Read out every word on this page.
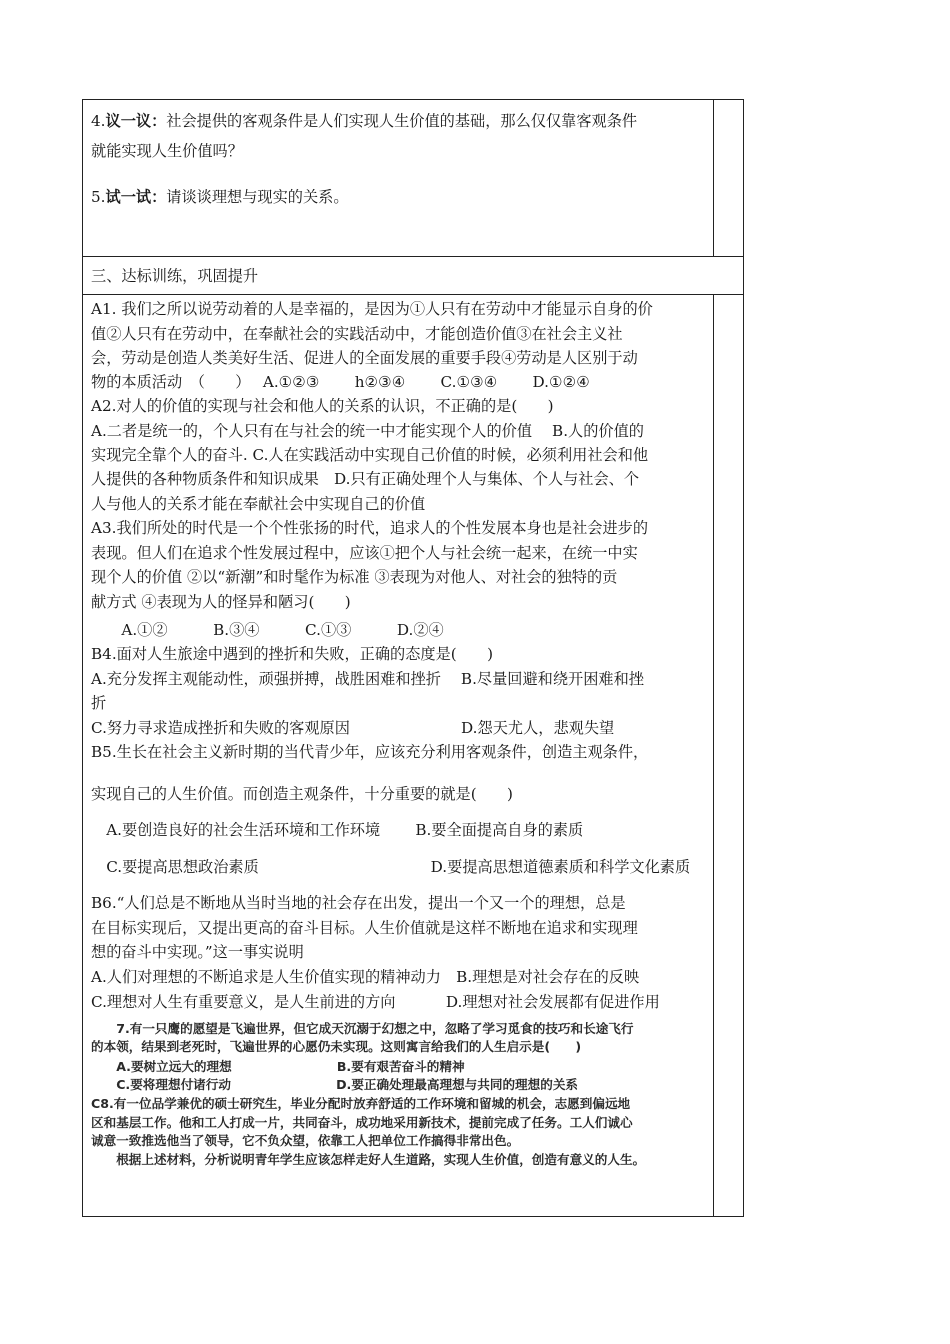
4.议一议：社会提供的客观条件是人们实现人生价值的基础，那么仅仅靠客观条件
就能实现人生价值吗？
5.试一试：请谈谈理想与现实的关系。
三、达标训练，巩固提升
A1. 我们之所以说劳动着的人是幸福的，是因为①人只有在劳动中才能显示自身的价
值②人只有在劳动中，在奉献社会的实践活动中，才能创造价值③在社会主义社
会，劳动是创造人类美好生活、促进人的全面发展的重要手段④劳动是人区别于动
物的本质活动　（　　）　 A.①②③　　 h②③④　　 C.①③④　　 D.①②④
A2.对人的价值的实现与社会和他人的关系的认识，不正确的是(　　)
A.二者是统一的，个人只有在与社会的统一中才能实现个人的价值　 B.人的价值的
实现完全靠个人的奋斗. C.人在实践活动中实现自己价值的时候，必须利用社会和他
人提供的各种物质条件和知识成果　D.只有正确处理个人与集体、个人与社会、个
人与他人的关系才能在奉献社会中实现自己的价值
A3.我们所处的时代是一个个性张扬的时代，追求人的个性发展本身也是社会进步的
表现。但人们在追求个性发展过程中，应该①把个人与社会统一起来，在统一中实
现个人的价值 ②以“新潮”和时髦作为标准 ③表现为对他人、对社会的独特的贡
献方式 ④表现为人的怪异和陋习(　　)
　　A.①②　　　B.③④　　　C.①③　　　D.②④
B4.面对人生旅途中遇到的挫折和失败，正确的态度是(　　)
A.充分发挥主观能动性，顽强拼搏，战胜困难和挫折　 B.尽量回避和绕开困难和挫
折
C.努力寻求造成挫折和失败的客观原因　　　　　　　 D.怨天尤人，悲观失望
B5.生长在社会主义新时期的当代青少年，应该充分利用客观条件，创造主观条件，
实现自己的人生价值。而创造主观条件，十分重要的就是(　　)
　A.要创造良好的社会生活环境和工作环境　　 B.要全面提高自身的素质
　C.要提高思想政治素质　　　　　　　　　　　 D.要提高思想道德素质和科学文化素质
B6.“人们总是不断地从当时当地的社会存在出发，提出一个又一个的理想，总是
在目标实现后，又提出更高的奋斗目标。人生价值就是这样不断地在追求和实现理
想的奋斗中实现。”这一事实说明
A.人们对理想的不断追求是人生价值实现的精神动力　B.理想是对社会存在的反映
C.理想对人生有重要意义，是人生前进的方向　　　 D.理想对社会发展都有促进作用
　　7.有一只鹰的愿望是飞遍世界，但它成天沉溺于幻想之中，忽略了学习觅食的技巧和长途飞行
的本领，结果到老死时，飞遍世界的心愿仍未实现。这则寓言给我们的人生启示是(　　)
　　A.要树立远大的理想　　　　　　　　 B.要有艰苦奋斗的精神
　　C.要将理想付诸行动　　　　　　　　 D.要正确处理最高理想与共同的理想的关系
C8.有一位品学兼优的硕士研究生，毕业分配时放弃舒适的工作环境和留城的机会，志愿到偏远地
区和基层工作。他和工人打成一片，共同奋斗，成功地采用新技术，提前完成了任务。工人们诚心
诚意一致推选他当了领导，它不负众望，依靠工人把单位工作搞得非常出色。
　　根据上述材料，分析说明青年学生应该怎样走好人生道路，实现人生价值，创造有意义的人生。
